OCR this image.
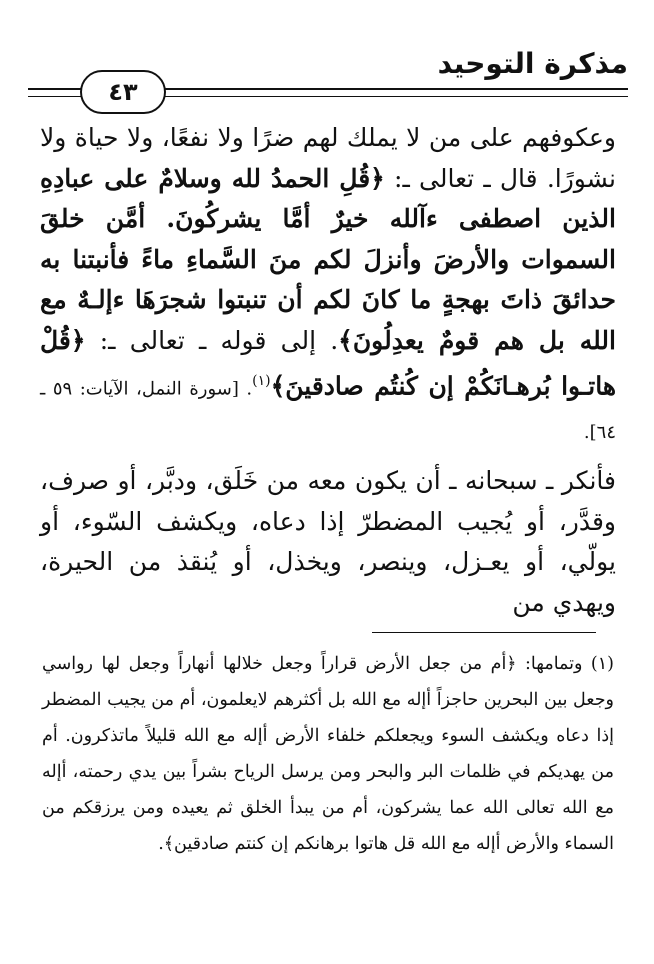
٤٣
مذكرة التوحيد

وعكوفهم على من لا يملك لهم ضرًا ولا نفعًا، ولا حياة ولا نشورًا. قال ـ تعالى ـ: ﴿قُلِ الحمدُ لله وسلامٌ على عبادِهِ الذين اصطفى ءآلله خيرٌ أمَّا يشركُونَ. أمَّن خلقَ السموات والأرضَ وأنزلَ لكم منَ السَّماءِ ماءً فأنبتنا به حدائقَ ذاتَ بهجةٍ ما كانَ لكم أن تنبتوا شجرَهَا ءإلـهٌ مع الله بل هم قومٌ يعدِلُونَ﴾. إلى قوله ـ تعالى ـ: ﴿قُلْ هاتـوا بُرهـانَكُمْ إن كُنتُم صادقينَ﴾$^{(١)}$. [سورة النمل، الآيات: ٥٩ ـ ٦٤].

فأنكر ـ سبحانه ـ أن يكون معه من خَلَق، ودبَّر، أو صرف، وقدَّر، أو يُجيب المضطرّ إذا دعاه، ويكشف السّوء، أو يولّي، أو يعـزل، وينصر، ويخذل، أو يُنقذ من الحيرة، ويهدي من

(١) وتمامها: ﴿أم من جعل الأرض قراراً وجعل خلالها أنهاراً وجعل لها رواسي وجعل بين البحرين حاجزاً أإله مع الله بل أكثرهم لايعلمون، أم من يجيب المضطر إذا دعاه ويكشف السوء ويجعلكم خلفاء الأرض أإله مع الله قليلاً ماتذكرون. أم من يهديكم في ظلمات البر والبحر ومن يرسل الرياح بشراً بين يدي رحمته، أإله مع الله تعالى الله عما يشركون، أم من يبدأ الخلق ثم يعيده ومن يرزقكم من السماء والأرض أإله مع الله قل هاتوا برهانكم إن كنتم صادقين﴾.
